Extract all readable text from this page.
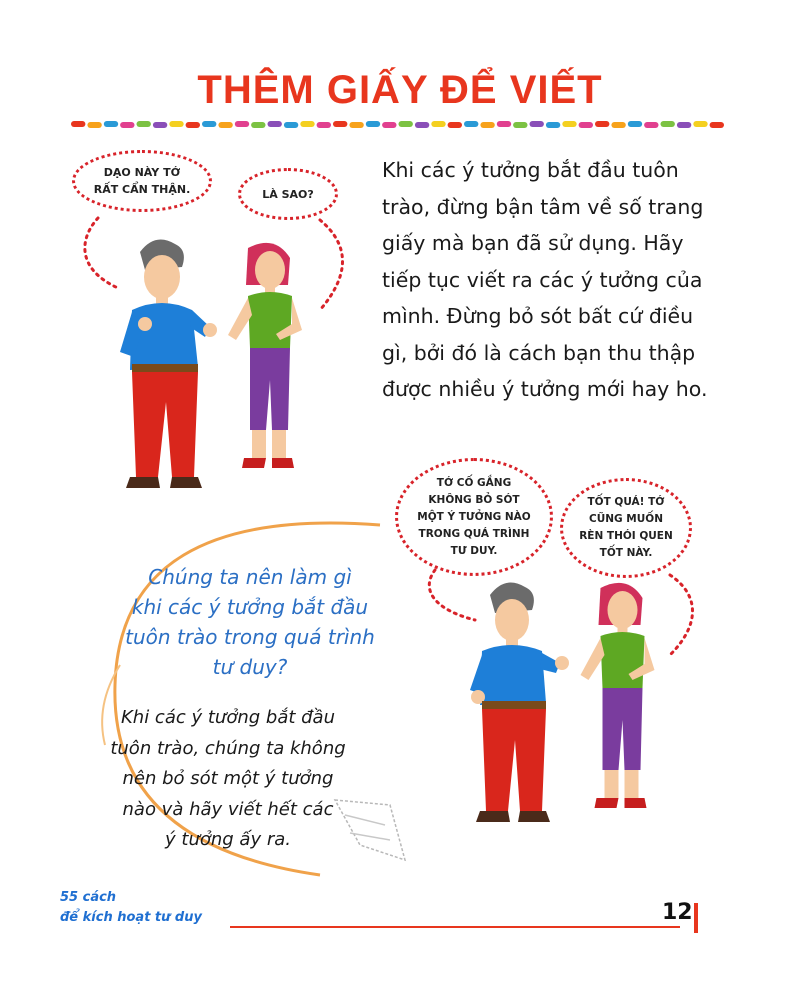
THÊM GIẤY ĐỂ VIẾT
DẠO NÀY TỚ
RẤT CẨN THẬN.	LÀ SAO?
Khi các ý tưởng bắt đầu tuôn
trào, đừng bận tâm về số trang
giấy mà bạn đã sử dụng. Hãy
tiếp tục viết ra các ý tưởng của
mình. Đừng bỏ sót bất cứ điều
gì, bởi đó là cách bạn thu thập
được nhiều ý tưởng mới hay ho.
TỚ CỐ GẮNG
KHÔNG BỎ SÓT
MỘT Ý TƯỞNG NÀO
TRONG QUÁ TRÌNH
TƯ DUY.
TỐT QUÁ! TỚ
CŨNG MUỐN
RÈN THÓI QUEN
TỐT NÀY.
Chúng ta nên làm gì
khi các ý tưởng bắt đầu
tuôn trào trong quá trình
tư duy?
Khi các ý tưởng bắt đầu
tuôn trào, chúng ta không
nên bỏ sót một ý tưởng
nào và hãy viết hết các
ý tưởng ấy ra.
55 cách
để kích hoạt tư duy	12
